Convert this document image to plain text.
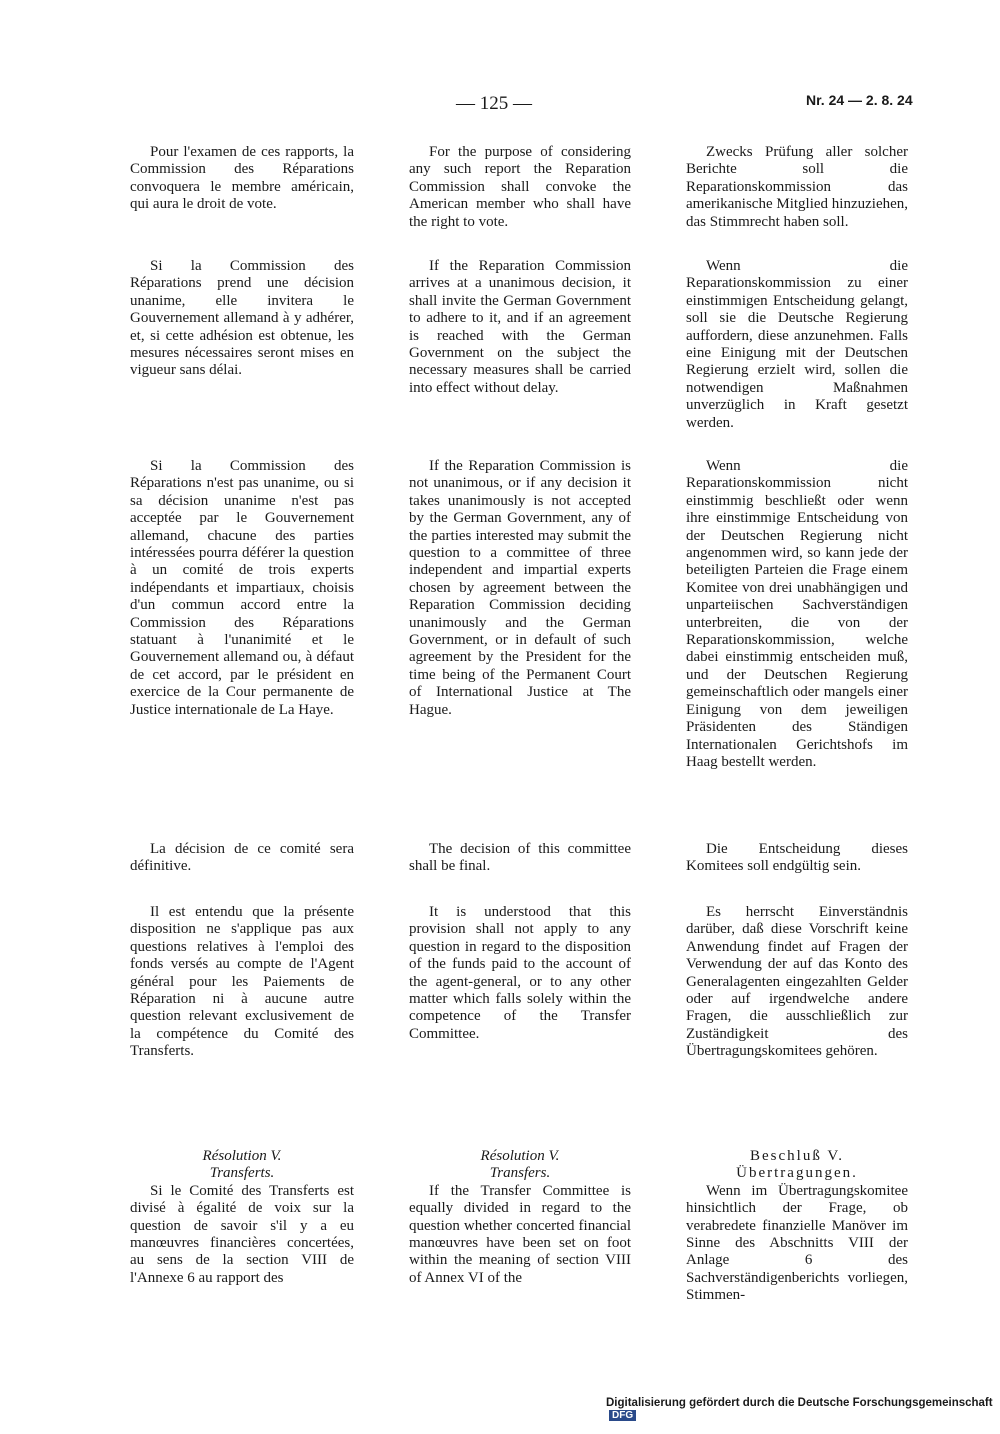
— 125 —	Nr. 24 — 2. 8. 24

Pour l'examen de ces rapports, la Commission des Réparations convoquera le membre américain, qui aura le droit de vote.

Si la Commission des Réparations prend une décision unanime, elle invitera le Gouvernement allemand à y adhérer, et, si cette adhésion est obtenue, les mesures nécessaires seront mises en vigueur sans délai.

Si la Commission des Réparations n'est pas unanime, ou si sa décision unanime n'est pas acceptée par le Gouvernement allemand, chacune des parties intéressées pourra déférer la question à un comité de trois experts indépendants et impartiaux, choisis d'un commun accord entre la Commission des Réparations statuant à l'unanimité et le Gouvernement allemand ou, à défaut de cet accord, par le président en exercice de la Cour permanente de Justice internationale de La Haye.

La décision de ce comité sera définitive.

Il est entendu que la présente disposition ne s'applique pas aux questions relatives à l'emploi des fonds versés au compte de l'Agent général pour les Paiements de Réparation ni à aucune autre question relevant exclusivement de la compétence du Comité des Transferts.

Résolution V.

Transferts.

Si le Comité des Transferts est divisé à égalité de voix sur la question de savoir s'il y a eu manœuvres financières concertées, au sens de la section VIII de l'Annexe 6 au rapport des

For the purpose of considering any such report the Reparation Commission shall convoke the American member who shall have the right to vote.

If the Reparation Commission arrives at a unanimous decision, it shall invite the German Government to adhere to it, and if an agreement is reached with the German Government on the subject the necessary measures shall be carried into effect without delay.

If the Reparation Commission is not unanimous, or if any decision it takes unanimously is not accepted by the German Government, any of the parties interested may submit the question to a committee of three independent and impartial experts chosen by agreement between the Reparation Commission deciding unanimously and the German Government, or in default of such agreement by the President for the time being of the Permanent Court of International Justice at The Hague.

The decision of this committee shall be final.

It is understood that this provision shall not apply to any question in regard to the disposition of the funds paid to the account of the agent-general, or to any other matter which falls solely within the competence of the Transfer Committee.

Résolution V.

Transfers.

If the Transfer Committee is equally divided in regard to the question whether concerted financial manœuvres have been set on foot within the meaning of section VIII of Annex VI of the

Zwecks Prüfung aller solcher Berichte soll die Reparationskommission das amerikanische Mitglied hinzuziehen, das Stimmrecht haben soll.

Wenn die Reparationskommission zu einer einstimmigen Entscheidung gelangt, soll sie die Deutsche Regierung auffordern, diese anzunehmen. Falls eine Einigung mit der Deutschen Regierung erzielt wird, sollen die notwendigen Maßnahmen unverzüglich in Kraft gesetzt werden.

Wenn die Reparationskommission nicht einstimmig beschließt oder wenn ihre einstimmige Entscheidung von der Deutschen Regierung nicht angenommen wird, so kann jede der beteiligten Parteien die Frage einem Komitee von drei unabhängigen und unparteiischen Sachverständigen unterbreiten, die von der Reparationskommission, welche dabei einstimmig entscheiden muß, und der Deutschen Regierung gemeinschaftlich oder mangels einer Einigung von dem jeweiligen Präsidenten des Ständigen Internationalen Gerichtshofs im Haag bestellt werden.

Die Entscheidung dieses Komitees soll endgültig sein.

Es herrscht Einverständnis darüber, daß diese Vorschrift keine Anwendung findet auf Fragen der Verwendung der auf das Konto des Generalagenten eingezahlten Gelder oder auf irgendwelche andere Fragen, die ausschließlich zur Zuständigkeit des Übertragungskomitees gehören.

Beschluß V.

Übertragungen.

Wenn im Übertragungskomitee hinsichtlich der Frage, ob verabredete finanzielle Manöver im Sinne des Abschnitts VIII der Anlage 6 des Sachverständigenberichts vorliegen, Stimmen-

Digitalisierung gefördert durch die Deutsche Forschungsgemeinschaft DFG
